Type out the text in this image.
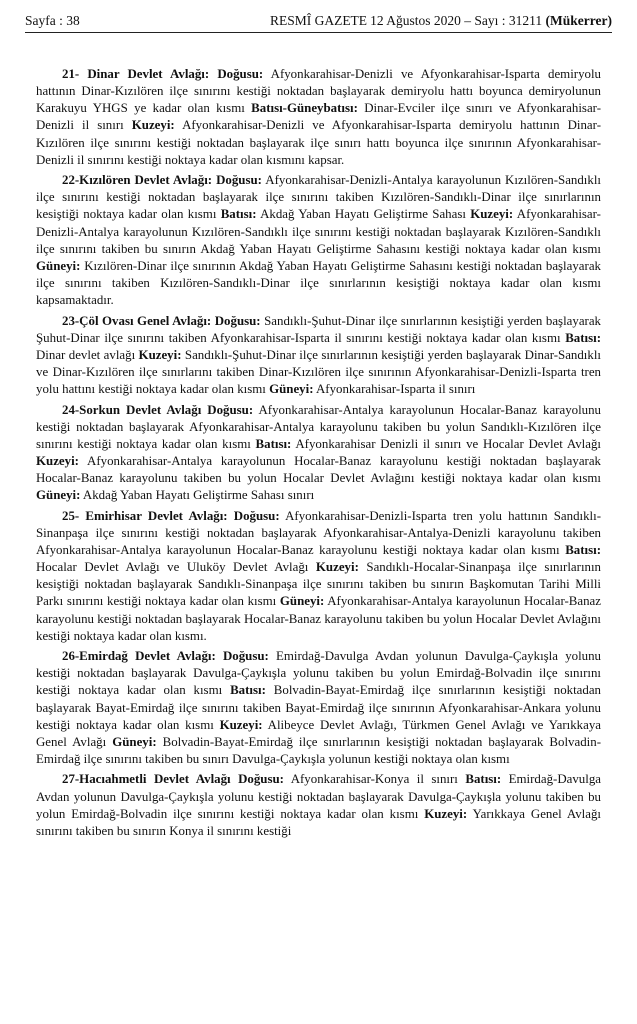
Sayfa : 38	RESMÎ GAZETE 12 Ağustos 2020 – Sayı : 31211 (Mükerrer)

21- Dinar Devlet Avlağı: Doğusu: Afyonkarahisar-Denizli ve Afyonkarahisar-Isparta demiryolu hattının Dinar-Kızılören ilçe sınırını kestiği noktadan başlayarak demiryolu hattı boyunca demiryolunun Karakuyu YHGS ye kadar olan kısmı Batısı-Güneybatısı: Dinar-Evciler ilçe sınırı ve Afyonkarahisar-Denizli il sınırı Kuzeyi: Afyonkarahisar-Denizli ve Afyonkarahisar-Isparta demiryolu hattının Dinar-Kızılören ilçe sınırını kestiği noktadan başlayarak ilçe sınırı hattı boyunca ilçe sınırının Afyonkarahisar-Denizli il sınırını kestiği noktaya kadar olan kısmını kapsar.

22-Kızılören Devlet Avlağı: Doğusu: Afyonkarahisar-Denizli-Antalya karayolunun Kızılören-Sandıklı ilçe sınırını kestiği noktadan başlayarak ilçe sınırını takiben Kızılören-Sandıklı-Dinar ilçe sınırlarının kesiştiği noktaya kadar olan kısmı Batısı: Akdağ Yaban Hayatı Geliştirme Sahası Kuzeyi: Afyonkarahisar-Denizli-Antalya karayolunun Kızılören-Sandıklı ilçe sınırını kestiği noktadan başlayarak Kızılören-Sandıklı ilçe sınırını takiben bu sınırın Akdağ Yaban Hayatı Geliştirme Sahasını kestiği noktaya kadar olan kısmı Güneyi: Kızılören-Dinar ilçe sınırının Akdağ Yaban Hayatı Geliştirme Sahasını kestiği noktadan başlayarak ilçe sınırını takiben Kızılören-Sandıklı-Dinar ilçe sınırlarının kesiştiği noktaya kadar olan kısmı kapsamaktadır.

23-Çöl Ovası Genel Avlağı: Doğusu: Sandıklı-Şuhut-Dinar ilçe sınırlarının kesiştiği yerden başlayarak Şuhut-Dinar ilçe sınırını takiben Afyonkarahisar-Isparta il sınırını kestiği noktaya kadar olan kısmı Batısı: Dinar devlet avlağı Kuzeyi: Sandıklı-Şuhut-Dinar ilçe sınırlarının kesiştiği yerden başlayarak Dinar-Sandıklı ve Dinar-Kızılören ilçe sınırlarını takiben Dinar-Kızılören ilçe sınırının Afyonkarahisar-Denizli-Isparta tren yolu hattını kestiği noktaya kadar olan kısmı Güneyi: Afyonkarahisar-Isparta il sınırı

24-Sorkun Devlet Avlağı Doğusu: Afyonkarahisar-Antalya karayolunun Hocalar-Banaz karayolunu kestiği noktadan başlayarak Afyonkarahisar-Antalya karayolunu takiben bu yolun Sandıklı-Kızılören ilçe sınırını kestiği noktaya kadar olan kısmı Batısı: Afyonkarahisar Denizli il sınırı ve Hocalar Devlet Avlağı Kuzeyi: Afyonkarahisar-Antalya karayolunun Hocalar-Banaz karayolunu kestiği noktadan başlayarak Hocalar-Banaz karayolunu takiben bu yolun Hocalar Devlet Avlağını kestiği noktaya kadar olan kısmı Güneyi: Akdağ Yaban Hayatı Geliştirme Sahası sınırı

25- Emirhisar Devlet Avlağı: Doğusu: Afyonkarahisar-Denizli-Isparta tren yolu hattının Sandıklı-Sinanpaşa ilçe sınırını kestiği noktadan başlayarak Afyonkarahisar-Antalya-Denizli karayolunu takiben Afyonkarahisar-Antalya karayolunun Hocalar-Banaz karayolunu kestiği noktaya kadar olan kısmı Batısı: Hocalar Devlet Avlağı ve Uluköy Devlet Avlağı Kuzeyi: Sandıklı-Hocalar-Sinanpaşa ilçe sınırlarının kesiştiği noktadan başlayarak Sandıklı-Sinanpaşa ilçe sınırını takiben bu sınırın Başkomutan Tarihi Milli Parkı sınırını kestiği noktaya kadar olan kısmı Güneyi: Afyonkarahisar-Antalya karayolunun Hocalar-Banaz karayolunu kestiği noktadan başlayarak Hocalar-Banaz karayolunu takiben bu yolun Hocalar Devlet Avlağını kestiği noktaya kadar olan kısmı.

26-Emirdağ Devlet Avlağı: Doğusu: Emirdağ-Davulga Avdan yolunun Davulga-Çaykışla yolunu kestiği noktadan başlayarak Davulga-Çaykışla yolunu takiben bu yolun Emirdağ-Bolvadin ilçe sınırını kestiği noktaya kadar olan kısmı Batısı: Bolvadin-Bayat-Emirdağ ilçe sınırlarının kesiştiği noktadan başlayarak Bayat-Emirdağ ilçe sınırını takiben Bayat-Emirdağ ilçe sınırının Afyonkarahisar-Ankara yolunu kestiği noktaya kadar olan kısmı Kuzeyi: Alibeyce Devlet Avlağı, Türkmen Genel Avlağı ve Yarıkkaya Genel Avlağı Güneyi: Bolvadin-Bayat-Emirdağ ilçe sınırlarının kesiştiği noktadan başlayarak Bolvadin-Emirdağ ilçe sınırını takiben bu sınırı Davulga-Çaykışla yolunun kestiği noktaya olan kısmı

27-Hacıahmetli Devlet Avlağı Doğusu: Afyonkarahisar-Konya il sınırı Batısı: Emirdağ-Davulga Avdan yolunun Davulga-Çaykışla yolunu kestiği noktadan başlayarak Davulga-Çaykışla yolunu takiben bu yolun Emirdağ-Bolvadin ilçe sınırını kestiği noktaya kadar olan kısmı Kuzeyi: Yarıkkaya Genel Avlağı sınırını takiben bu sınırın Konya il sınırını kestiği
